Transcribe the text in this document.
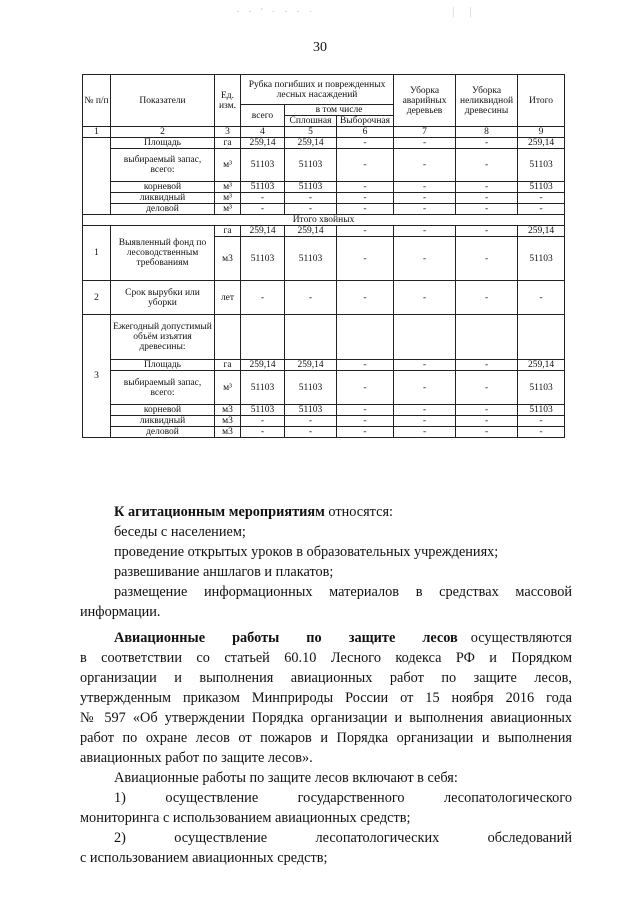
· · ' · · · ·	| |
30
№ п/п	Показатели	Ед. изм.	Рубка погибших и поврежденных лесных насаждений			Уборка аварийных деревьев	Уборка неликвидной древесины	Итого
			всего	в том числе				
				Сплошная	Выборочная			
1	2	3	4	5	6	7	8	9
	Площадь	га	259,14	259,14	-	-	-	259,14
	выбираемый запас, всего:	м³	51103	51103	-	-	-	51103
	корневой	м³	51103	51103	-	-	-	51103
	ликвидный	м³	-	-	-	-	-	-
	деловой	м³	-	-	-	-	-	-
Итого хвойных								
1	Выявленный фонд по лесоводственным требованиям	га	259,14	259,14	-	-	-	259,14
		м3	51103	51103	-	-	-	51103
2	Срок вырубки или уборки	лет	-	-	-	-	-	-
3	Ежегодный допустимый объём изъятия древесины:							
	Площадь	га	259,14	259,14	-	-	-	259,14
	выбираемый запас, всего:	м³	51103	51103	-	-	-	51103
	корневой	м3	51103	51103	-	-	-	51103
	ликвидный	м3	-	-	-	-	-	-
	деловой	м3	-	-	-	-	-	-

К агитационным мероприятиям относятся:

беседы с населением;

проведение открытых уроков в образовательных учреждениях;

развешивание аншлагов и плакатов;

размещение информационных материалов в средствах массовой

информации.

Авиационные работы по защите лесов осуществляются

в соответствии со статьей 60.10 Лесного кодекса РФ и Порядком

организации и выполнения авиационных работ по защите лесов,

утвержденным приказом Минприроды России от 15 ноября 2016 года

№ 597 «Об утверждении Порядка организации и выполнения авиационных

работ по охране лесов от пожаров и Порядка организации и выполнения

авиационных работ по защите лесов».

Авиационные работы по защите лесов включают в себя:

1)	осуществление	государственного	лесопатологического

мониторинга с использованием авиационных средств;

2)	осуществление	лесопатологических	обследований

с использованием авиационных средств;
